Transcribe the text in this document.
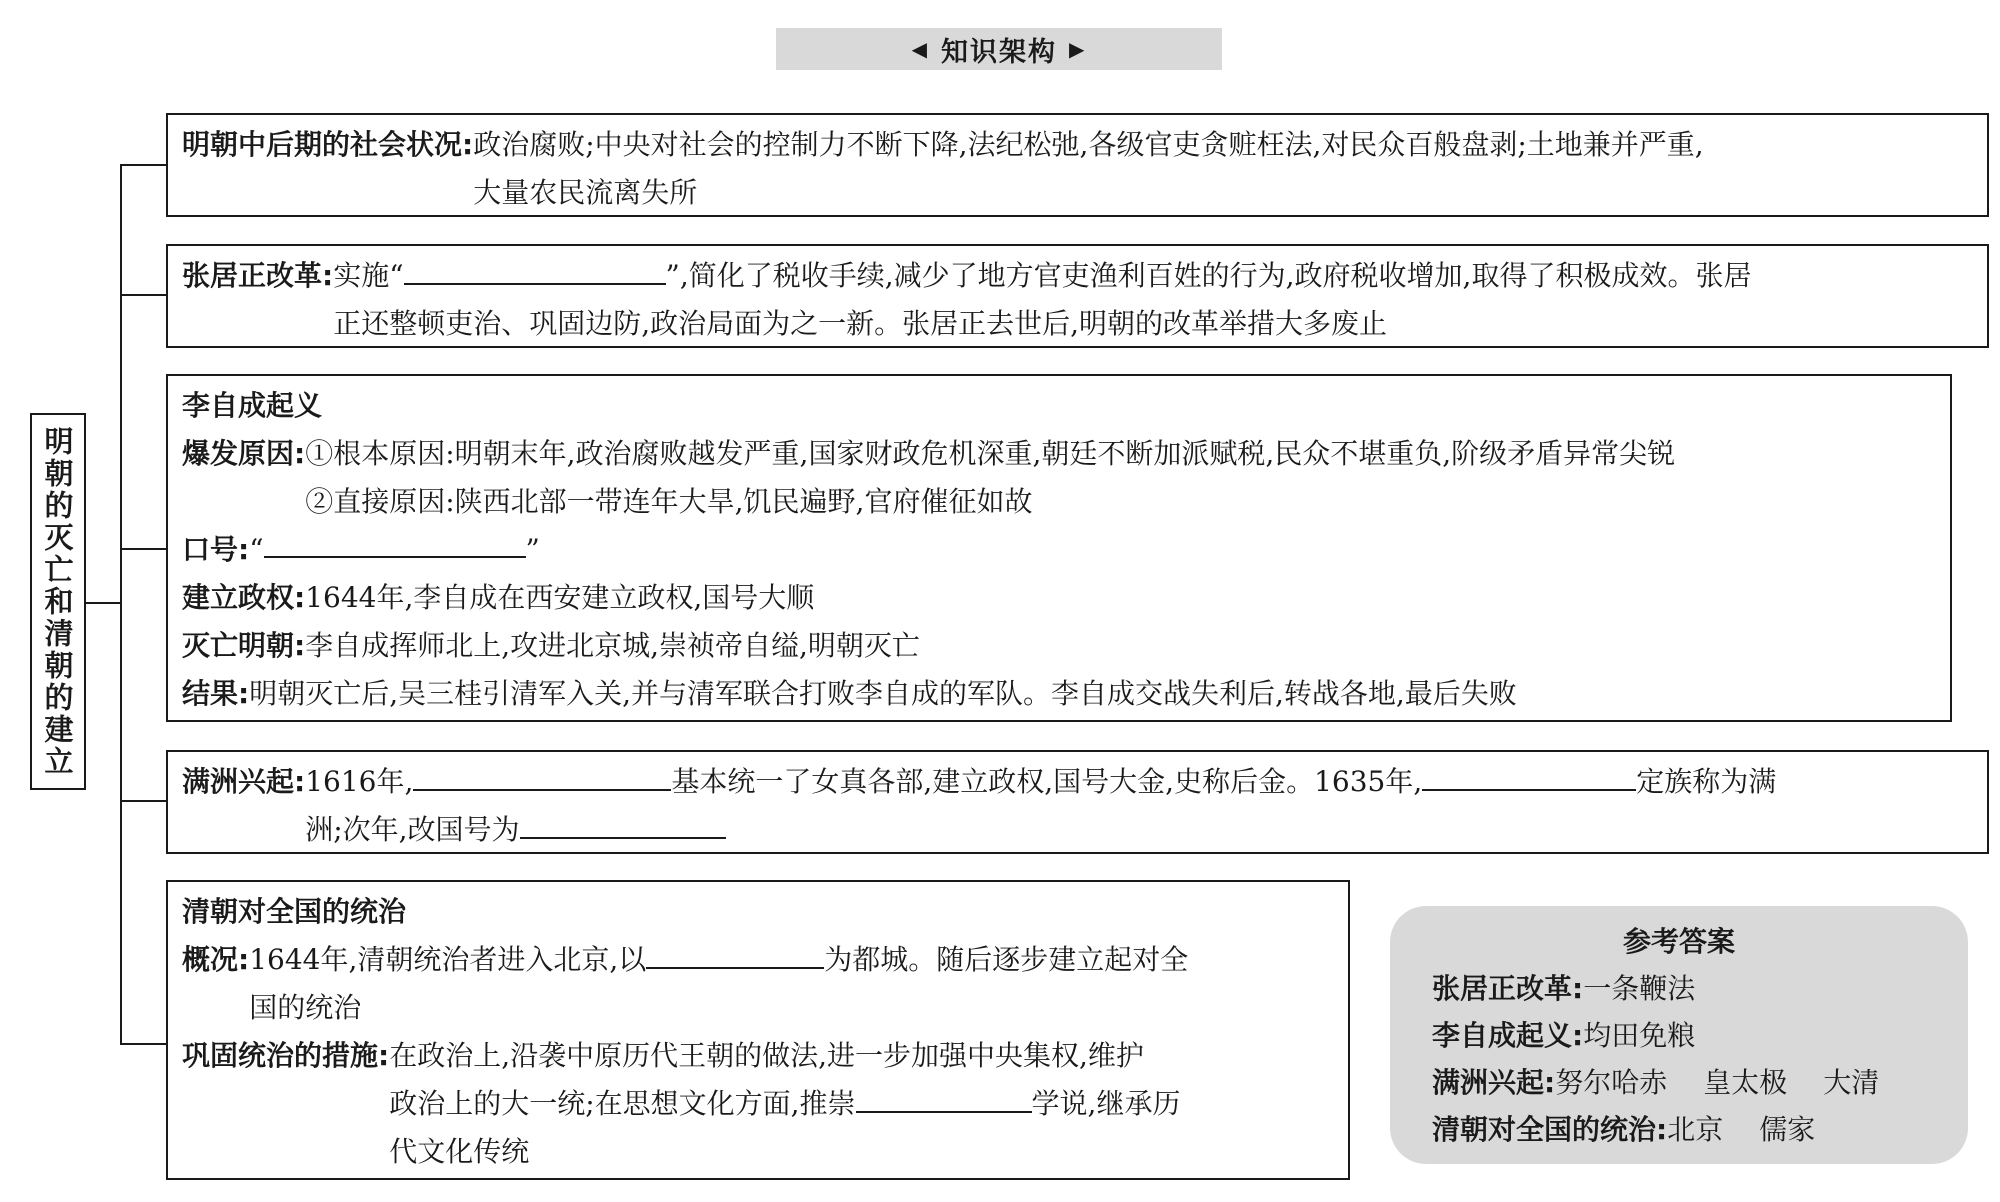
◀ 知识架构 ▶
明朝的灭亡和清朝的建立
明朝中后期的社会状况: 政治腐败;中央对社会的控制力不断下降,法纪松弛,各级官吏贪赃枉法,对民众百般盘剥;土地兼并严重,
大量农民流离失所
张居正改革: 实施“	”,简化了税收手续,减少了地方官吏渔利百姓的行为,政府税收增加,取得了积极成效。张居
正还整顿吏治、巩固边防,政治局面为之一新。张居正去世后,明朝的改革举措大多废止
李自成起义
爆发原因: ①根本原因:明朝末年,政治腐败越发严重,国家财政危机深重,朝廷不断加派赋税,民众不堪重负,阶级矛盾异常尖锐
②直接原因:陕西北部一带连年大旱,饥民遍野,官府催征如故
口号: “	”
建立政权: 1644年,李自成在西安建立政权,国号大顺
灭亡明朝: 李自成挥师北上,攻进北京城,崇祯帝自缢,明朝灭亡
结果: 明朝灭亡后,吴三桂引清军入关,并与清军联合打败李自成的军队。李自成交战失利后,转战各地,最后失败
满洲兴起: 1616年,	基本统一了女真各部,建立政权,国号大金,史称后金。1635年,	定族称为满
洲;次年,改国号为
清朝对全国的统治
概况: 1644年,清朝统治者进入北京,以	为都城。随后逐步建立起对全
国的统治
巩固统治的措施: 在政治上,沿袭中原历代王朝的做法,进一步加强中央集权,维护
政治上的大一统;在思想文化方面,推崇	学说,继承历
代文化传统
参考答案
张居正改革:一条鞭法
李自成起义:均田免粮
满洲兴起:努尔哈赤 皇太极 大清
清朝对全国的统治:北京 儒家
